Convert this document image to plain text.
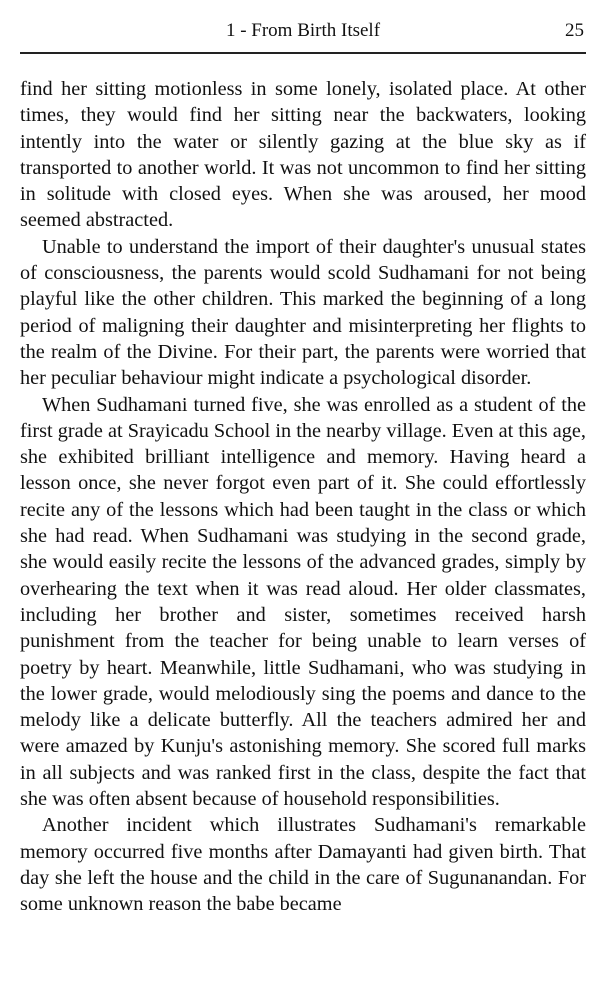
1 - From Birth Itself	25

find her sitting motionless in some lonely, isolated place. At other times, they would find her sitting near the backwaters, looking intently into the water or silently gazing at the blue sky as if transported to another world. It was not uncommon to find her sitting in solitude with closed eyes. When she was aroused, her mood seemed abstracted.

Unable to understand the import of their daughter's unusual states of consciousness, the parents would scold Sudhamani for not being playful like the other children. This marked the beginning of a long period of maligning their daughter and misinterpreting her flights to the realm of the Divine. For their part, the parents were worried that her peculiar behaviour might indicate a psychological disorder.

When Sudhamani turned five, she was enrolled as a student of the first grade at Srayicadu School in the nearby village. Even at this age, she exhibited brilliant intelligence and memory. Having heard a lesson once, she never forgot even part of it. She could effortlessly recite any of the lessons which had been taught in the class or which she had read. When Sudhamani was studying in the second grade, she would easily recite the lessons of the advanced grades, simply by overhearing the text when it was read aloud. Her older classmates, including her brother and sister, sometimes received harsh punishment from the teacher for being unable to learn verses of poetry by heart. Meanwhile, little Sudhamani, who was studying in the lower grade, would melodiously sing the poems and dance to the melody like a delicate butterfly. All the teachers admired her and were amazed by Kunju's astonishing memory. She scored full marks in all subjects and was ranked first in the class, despite the fact that she was often absent because of household responsibilities.

Another incident which illustrates Sudhamani's remarkable memory occurred five months after Damayanti had given birth. That day she left the house and the child in the care of Sugunanandan. For some unknown reason the babe became
